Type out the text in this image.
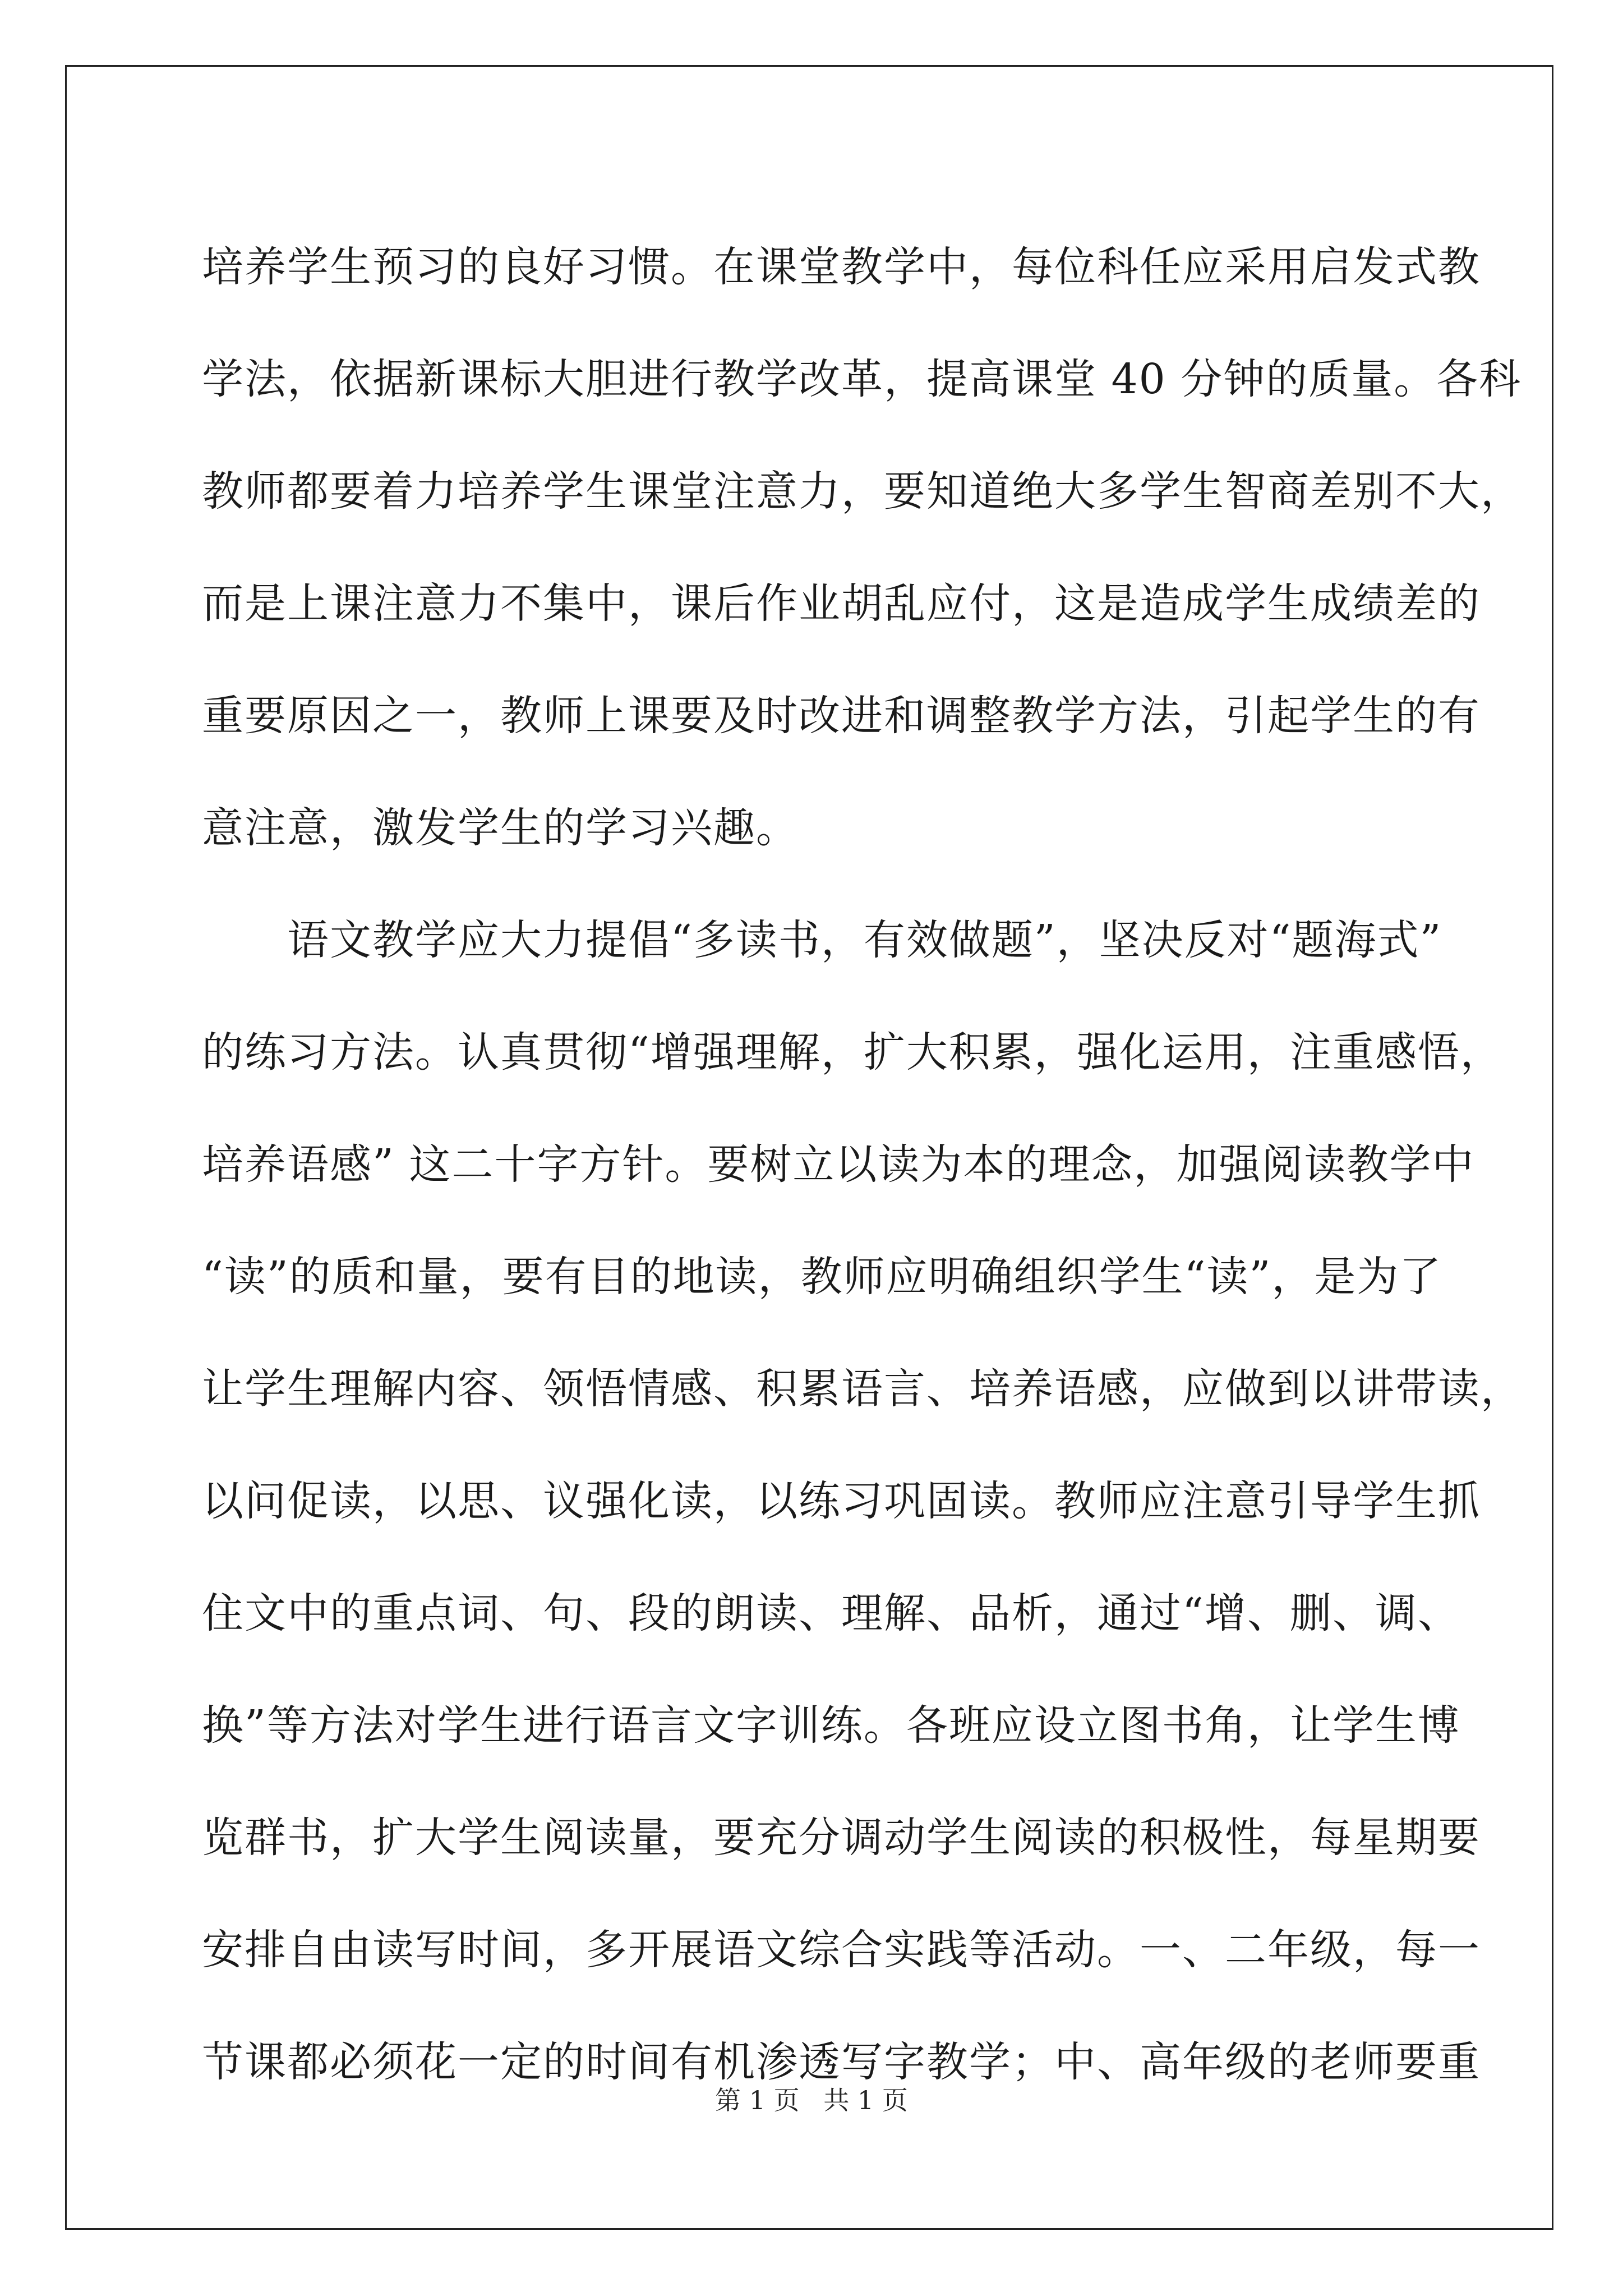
培养学生预习的良好习惯。在课堂教学中，每位科任应采用启发式教
学法，依据新课标大胆进行教学改革，提高课堂 40 分钟的质量。各科
教师都要着力培养学生课堂注意力，要知道绝大多学生智商差别不大，
而是上课注意力不集中，课后作业胡乱应付，这是造成学生成绩差的
重要原因之一，教师上课要及时改进和调整教学方法，引起学生的有
意注意，激发学生的学习兴趣。
　　语文教学应大力提倡“多读书，有效做题”，坚决反对“题海式”
的练习方法。认真贯彻“增强理解，扩大积累，强化运用，注重感悟，
培养语感” 这二十字方针。要树立以读为本的理念，加强阅读教学中
“读”的质和量，要有目的地读，教师应明确组织学生“读”，是为了
让学生理解内容、领悟情感、积累语言、培养语感，应做到以讲带读，
以问促读，以思、议强化读，以练习巩固读。教师应注意引导学生抓
住文中的重点词、句、段的朗读、理解、品析，通过“增、删、调、
换”等方法对学生进行语言文字训练。各班应设立图书角，让学生博
览群书，扩大学生阅读量，要充分调动学生阅读的积极性，每星期要
安排自由读写时间，多开展语文综合实践等活动。一、二年级，每一
节课都必须花一定的时间有机渗透写字教学；中、高年级的老师要重
第 1 页 共 1 页
